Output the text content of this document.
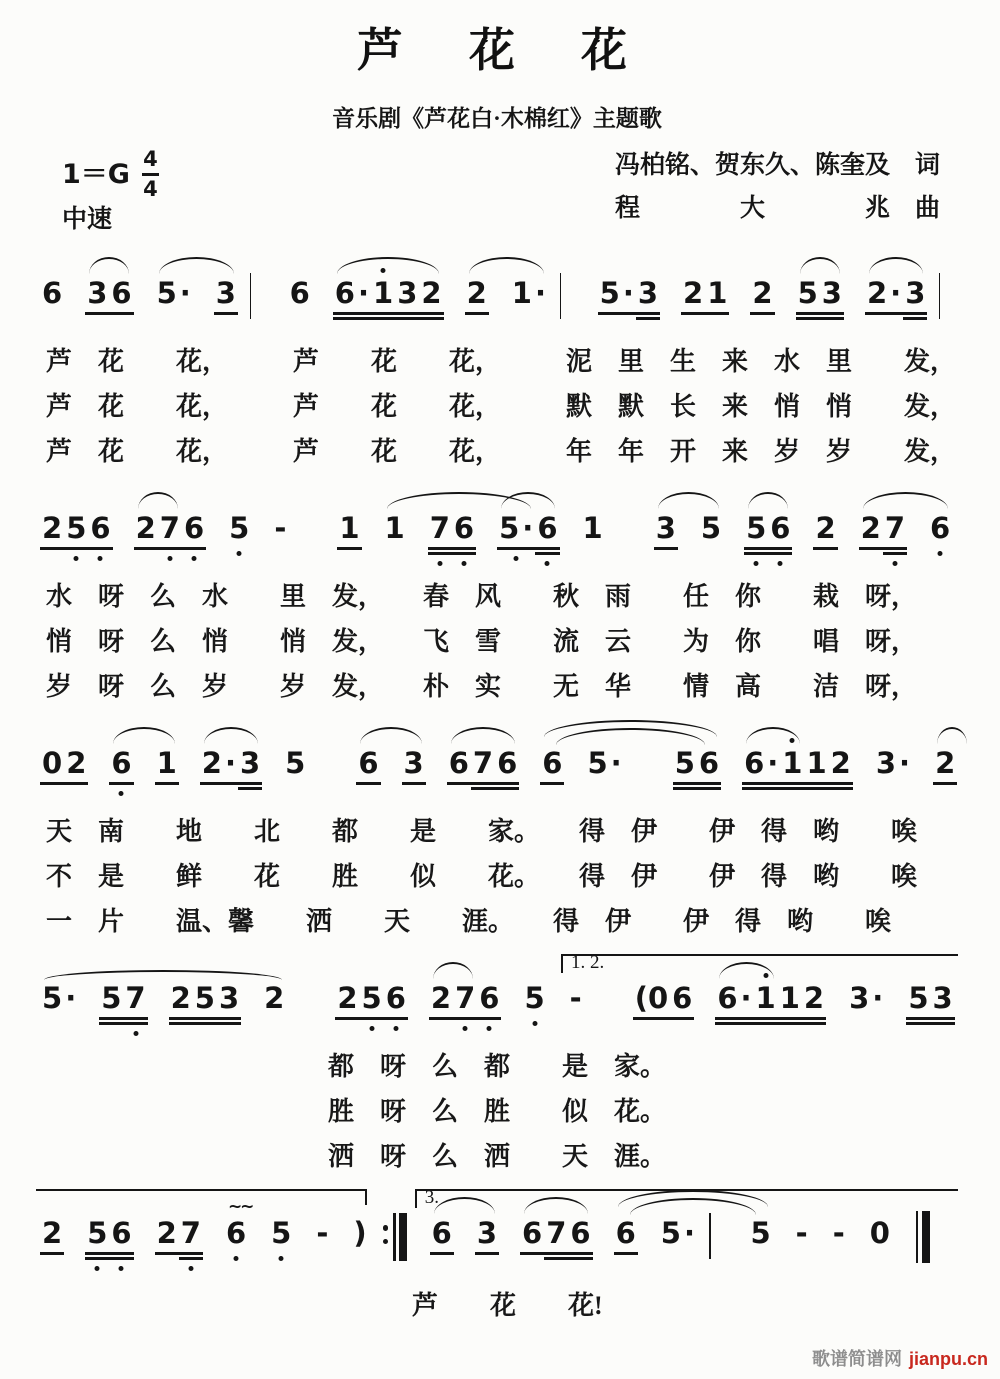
芦　花　花
音乐剧《芦花白·木棉红》主题歌
$1=G \frac{4}{4}$
中速
冯柏铭、贺东久、陈奎及　词
程　　　　大　　　　兆　曲
6 3 6 5 · 3 6 6 · 1 3 2 2 1 · 5 · 3 2 1 2 5 3 2 · 3
芦　花　　花，　　　芦　　花　　花，　　　泥　里　生　来　水　里　　发，
芦　花　　花，　　　芦　　花　　花，　　　默　默　长　来　悄　悄　　发，
芦　花　　花，　　　芦　　花　　花，　　　年　年　开　来　岁　岁　　发，
2 5 6 2 7 6 5 - 1 1 7 6 5 · 6 1 3 5 5 6 2 2 7 6
水　呀　么　水　　里　发，　　春　风　　秋　雨　　任　你　　栽　呀，
悄　呀　么　悄　　悄　发，　　飞　雪　　流　云　　为　你　　唱　呀，
岁　呀　么　岁　　岁　发，　　朴　实　　无　华　　情　高　　洁　呀，
0 2 6 1 2 · 3 5 6 3 6 7 6 6 5 · 5 6 6 · 1 1 2 3 · 2
天　南　　地　　北　　都　　是　　家。　　得　伊　　伊　得　哟　　唉
不　是　　鲜　　花　　胜　　似　　花。　　得　伊　　伊　得　哟　　唉
一　片　　温、馨　　洒　　天　　涯。　　得　伊　　伊　得　哟　　唉
1. 2.
5 · 5 7 2 5 3 2 2 5 6 2 7 6 5 - (0 6 6 · 1 1 2 3 · 5 3
都　呀　么　都　　是　家。
胜　呀　么　胜　　似　花。
洒　呀　么　洒　　天　涯。
3.
2 5 6 2 7 6
~~
5 - ) 6 3 6 7 6 6 5 · 5 - - 0
芦　　花　　花!
歌谱简谱网 jianpu.cn
